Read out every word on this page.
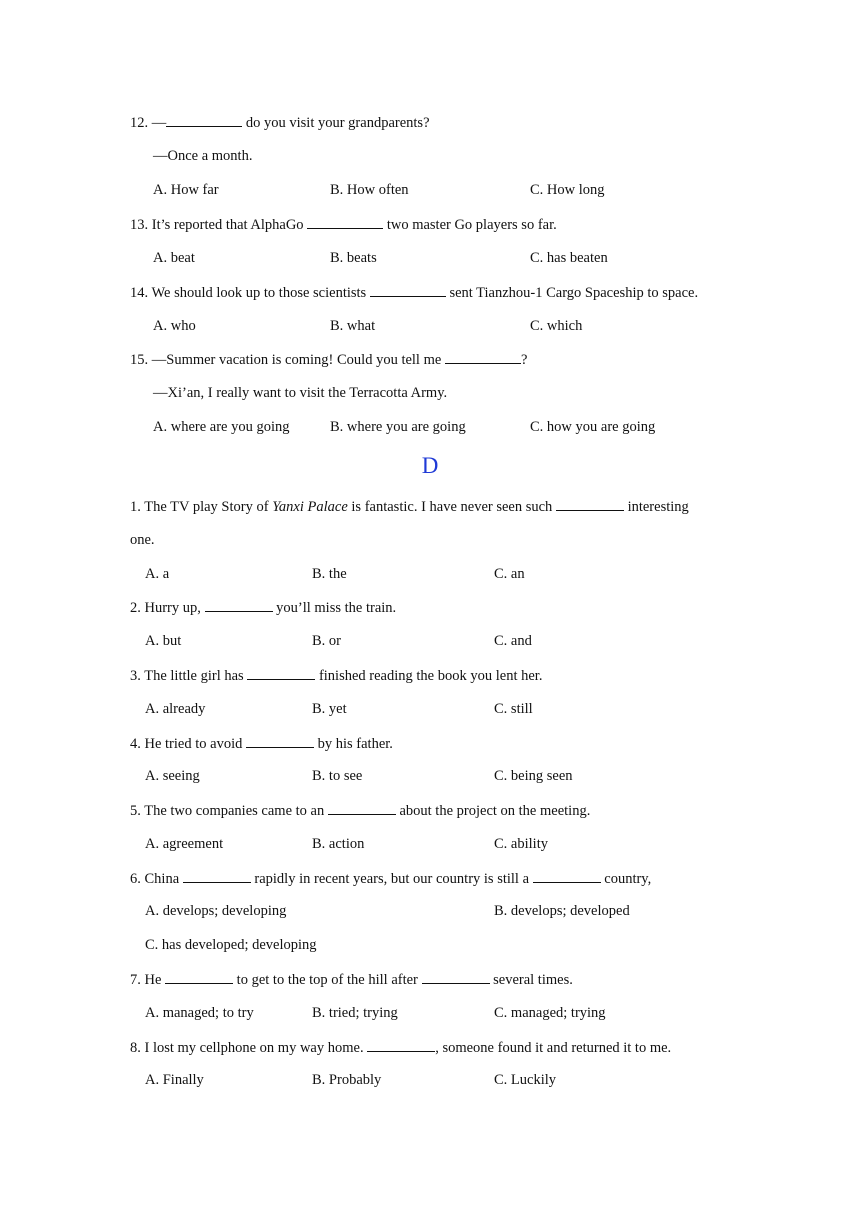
12. —	do you visit your grandparents?
—Once a month.
A. How far	B. How often	C. How long
13. It’s reported that AlphaGo	two master Go players so far.
A. beat	B. beats	C. has beaten
14. We should look up to those scientists	sent Tianzhou-1 Cargo Spaceship to space.
A. who	B. what	C. which
15. —Summer vacation is coming! Could you tell me	?
—Xi’an, I really want to visit the Terracotta Army.
A. where are you going	B. where you are going	C. how you are going
D
1. The TV play Story of Yanxi Palace is fantastic. I have never seen such	interesting
one.
A. a	B. the	C. an
2. Hurry up,	you’ll miss the train.
A. but	B. or	C. and
3. The little girl has	finished reading the book you lent her.
A. already	B. yet	C. still
4. He tried to avoid	by his father.
A. seeing	B. to see	C. being seen
5. The two companies came to an	about the project on the meeting.
A. agreement	B. action	C. ability
6. China	rapidly in recent years, but our country is still a	country,
A. develops; developing	B. develops; developed
C. has developed; developing
7. He	to get to the top of the hill after	several times.
A. managed; to try	B. tried; trying	C. managed; trying
8. I lost my cellphone on my way home.	, someone found it and returned it to me.
A. Finally	B. Probably	C. Luckily
